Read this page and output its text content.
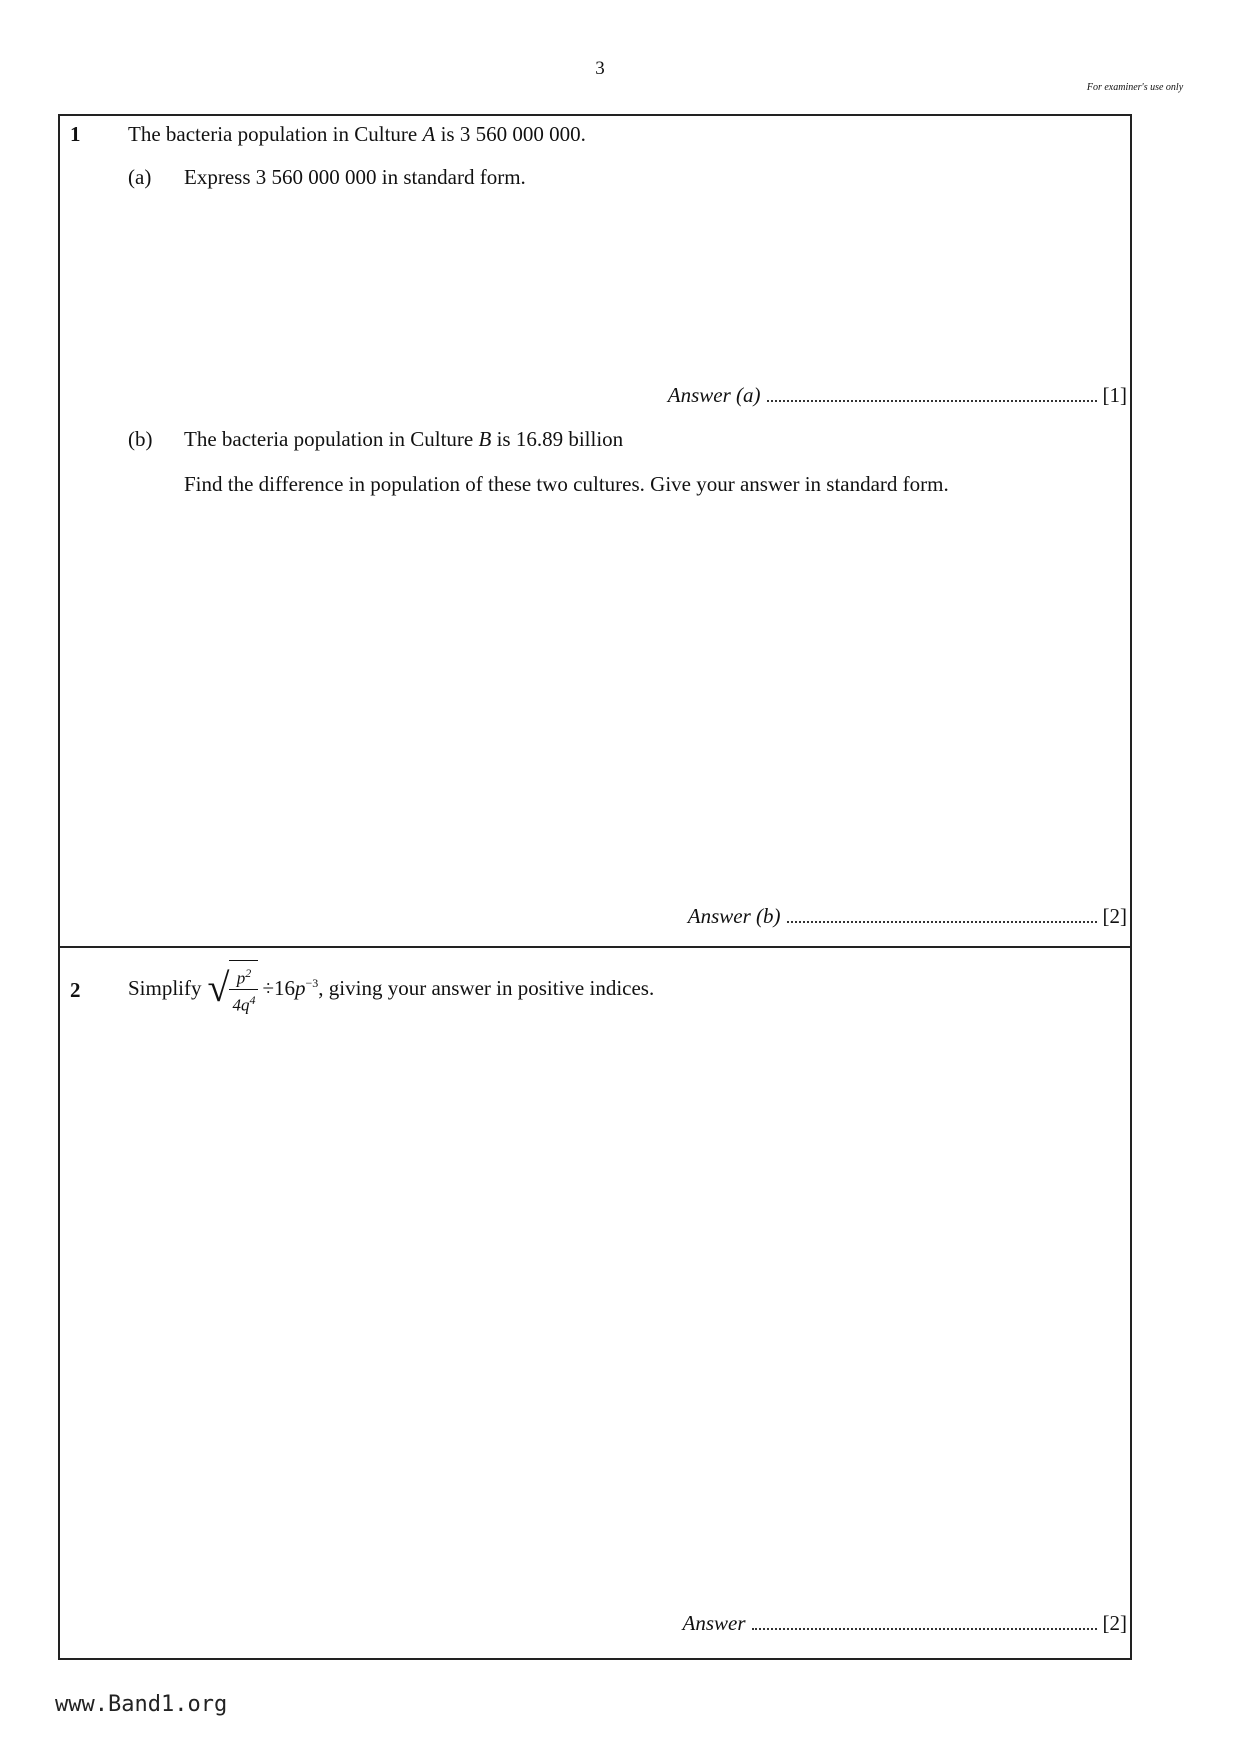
3
For examiner's use only
1 The bacteria population in Culture A is 3 560 000 000.
(a) Express 3 560 000 000 in standard form.
Answer (a)	[1]
(b) The bacteria population in Culture B is 16.89 billion
Find the difference in population of these two cultures. Give your answer in standard form.
Answer (b)	[2]
2 Simplify √ $\frac{p^2}{4q^4} \div 16p^{-3}$ , giving your answer in positive indices.
Answer	[2]
www.Band1.org
